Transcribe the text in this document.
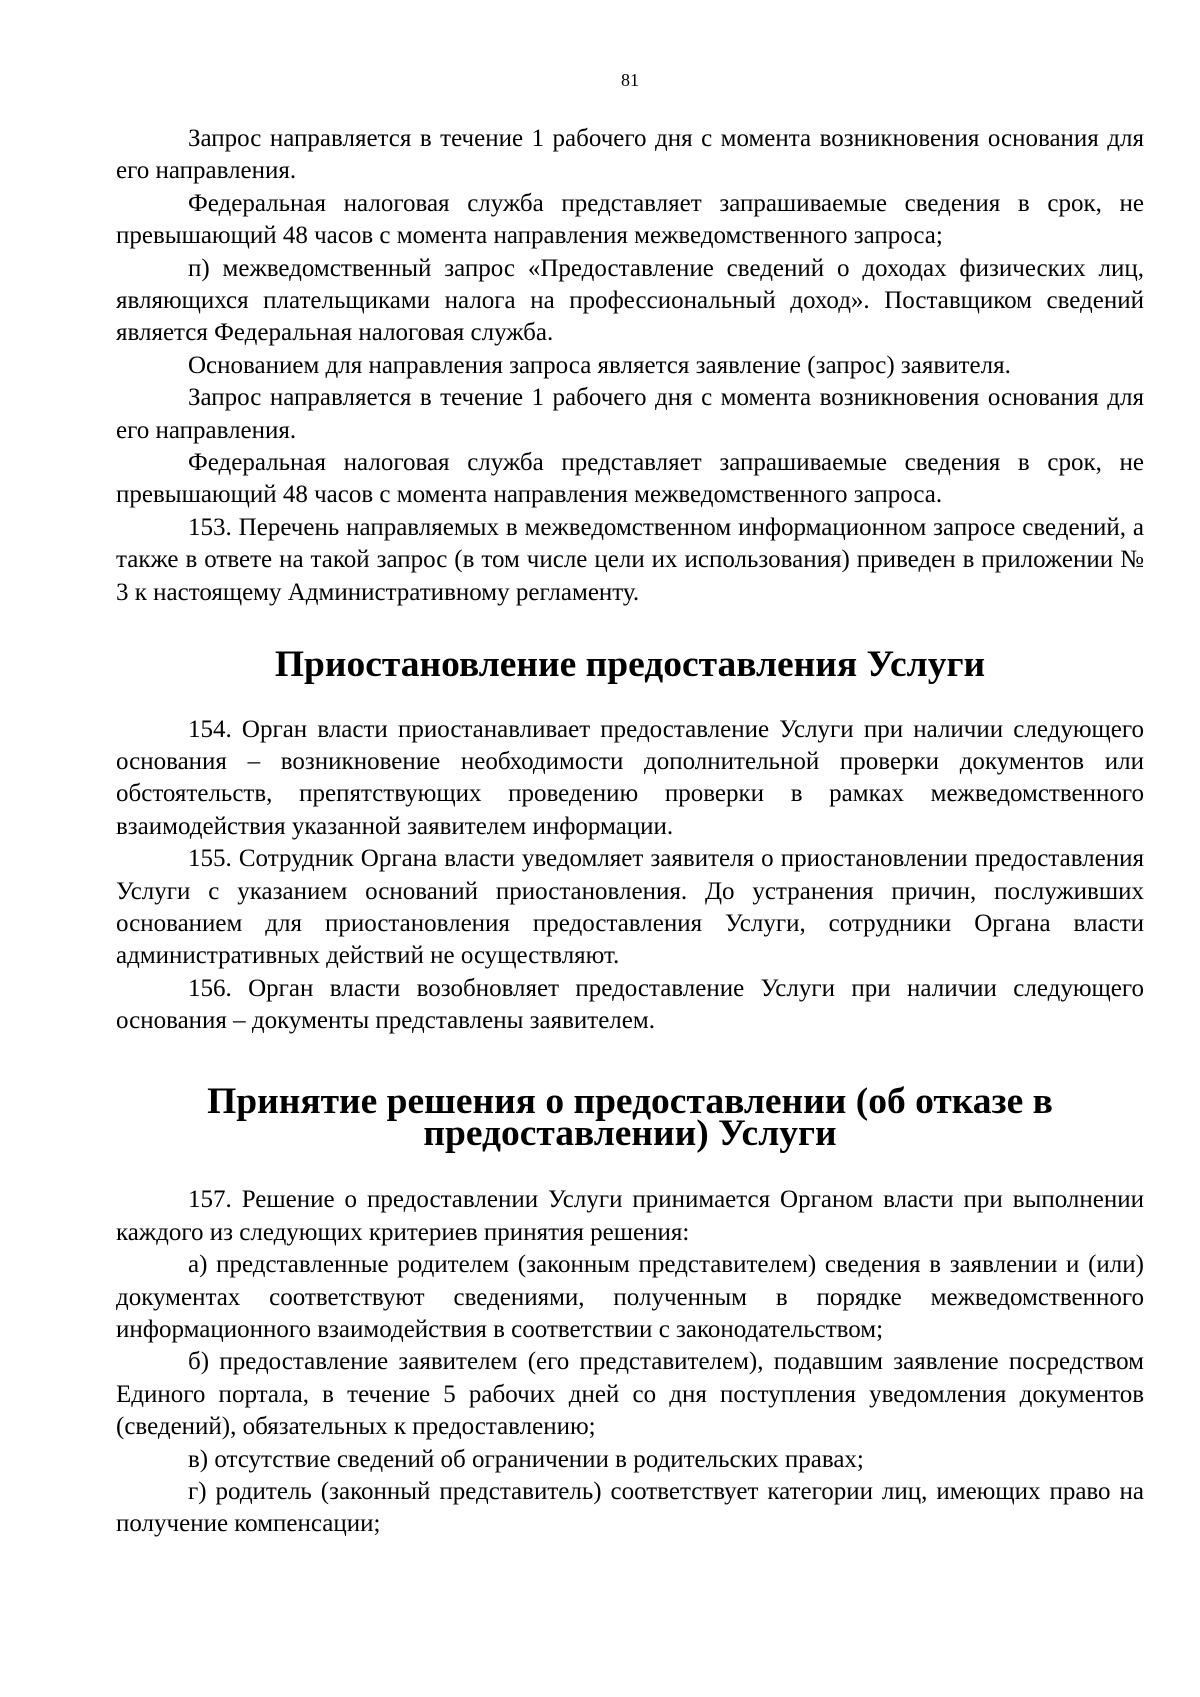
81

Запрос направляется в течение 1 рабочего дня с момента возникновения основания для его направления.

Федеральная налоговая служба представляет запрашиваемые сведения в срок, не превышающий 48 часов с момента направления межведомственного запроса;

п) межведомственный запрос «Предоставление сведений о доходах физических лиц, являющихся плательщиками налога на профессиональный доход». Поставщиком сведений является Федеральная налоговая служба.

Основанием для направления запроса является заявление (запрос) заявителя.

Запрос направляется в течение 1 рабочего дня с момента возникновения основания для его направления.

Федеральная налоговая служба представляет запрашиваемые сведения в срок, не превышающий 48 часов с момента направления межведомственного запроса.

153. Перечень направляемых в межведомственном информационном запросе сведений, а также в ответе на такой запрос (в том числе цели их использования) приведен в приложении № 3 к настоящему Административному регламенту.

Приостановление предоставления Услуги

154. Орган власти приостанавливает предоставление Услуги при наличии следующего основания – возникновение необходимости дополнительной проверки документов или обстоятельств, препятствующих проведению проверки в рамках межведомственного взаимодействия указанной заявителем информации.

155. Сотрудник Органа власти уведомляет заявителя о приостановлении предоставления Услуги с указанием оснований приостановления. До устранения причин, послуживших основанием для приостановления предоставления Услуги, сотрудники Органа власти административных действий не осуществляют.

156. Орган власти возобновляет предоставление Услуги при наличии следующего основания – документы представлены заявителем.

Принятие решения о предоставлении (об отказе в предоставлении) Услуги

157. Решение о предоставлении Услуги принимается Органом власти при выполнении каждого из следующих критериев принятия решения:

а) представленные родителем (законным представителем) сведения в заявлении и (или) документах соответствуют сведениями, полученным в порядке межведомственного информационного взаимодействия в соответствии с законодательством;

б) предоставление заявителем (его представителем), подавшим заявление посредством Единого портала, в течение 5 рабочих дней со дня поступления уведомления документов (сведений), обязательных к предоставлению;

в) отсутствие сведений об ограничении в родительских правах;

г) родитель (законный представитель) соответствует категории лиц, имеющих право на получение компенсации;
